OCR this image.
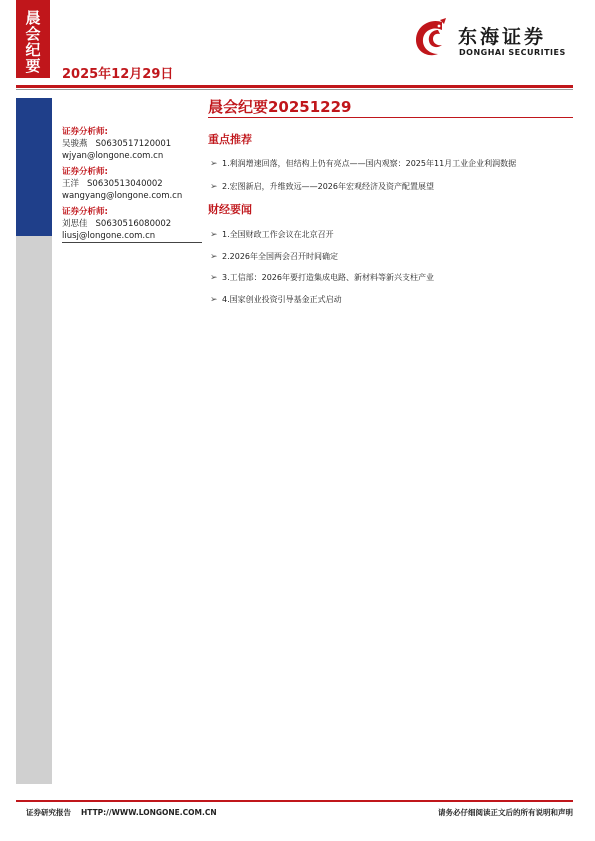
晨会纪要
2025年12月29日
东海证券
DONGHAI SECURITIES
证券分析师:
吴骏燕 S0630517120001
wjyan@longone.com.cn
证券分析师:
王洋 S0630513040002
wangyang@longone.com.cn
证券分析师:
刘思佳 S0630516080002
liusj@longone.com.cn
晨会纪要20251229
重点推荐
➢ 1.利润增速回落，但结构上仍有亮点——国内观察：2025年11月工业企业利润数据
➢ 2.宏图新启，升维致远——2026年宏观经济及资产配置展望
财经要闻
➢ 1.全国财政工作会议在北京召开
➢ 2.2026年全国两会召开时间确定
➢ 3.工信部：2026年要打造集成电路、新材料等新兴支柱产业
➢ 4.国家创业投资引导基金正式启动
证券研究报告 HTTP://WWW.LONGONE.COM.CN	请务必仔细阅读正文后的所有说明和声明
